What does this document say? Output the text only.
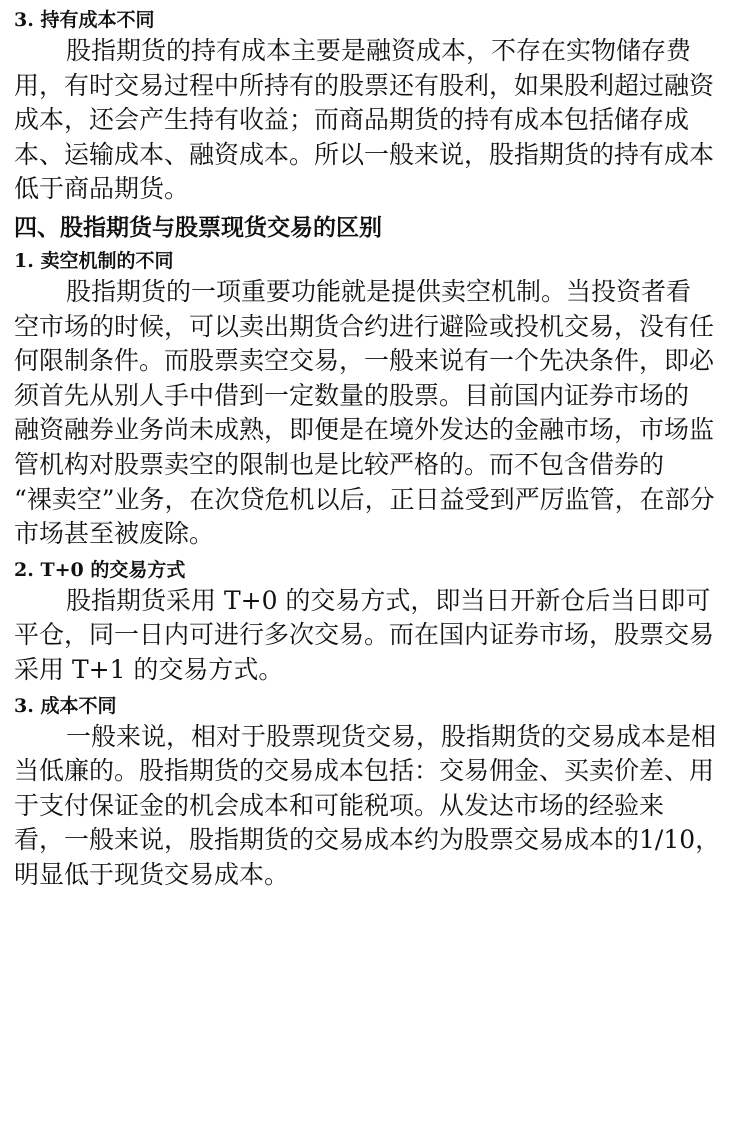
3. 持有成本不同
股指期货的持有成本主要是融资成本，不存在实物储存费
用，有时交易过程中所持有的股票还有股利，如果股利超过融资
成本，还会产生持有收益；而商品期货的持有成本包括储存成
本、运输成本、融资成本。所以一般来说，股指期货的持有成本
低于商品期货。
四、股指期货与股票现货交易的区别
1. 卖空机制的不同
股指期货的一项重要功能就是提供卖空机制。当投资者看
空市场的时候，可以卖出期货合约进行避险或投机交易，没有任
何限制条件。而股票卖空交易，一般来说有一个先决条件，即必
须首先从别人手中借到一定数量的股票。目前国内证券市场的
融资融券业务尚未成熟，即便是在境外发达的金融市场，市场监
管机构对股票卖空的限制也是比较严格的。而不包含借券的
“裸卖空”业务，在次贷危机以后，正日益受到严厉监管，在部分
市场甚至被废除。
2. T+0 的交易方式
股指期货采用 T+0 的交易方式，即当日开新仓后当日即可
平仓，同一日内可进行多次交易。而在国内证券市场，股票交易
采用 T+1 的交易方式。
3. 成本不同
一般来说，相对于股票现货交易，股指期货的交易成本是相
当低廉的。股指期货的交易成本包括：交易佣金、买卖价差、用
于支付保证金的机会成本和可能税项。从发达市场的经验来
看，一般来说，股指期货的交易成本约为股票交易成本的1/10，
明显低于现货交易成本。
